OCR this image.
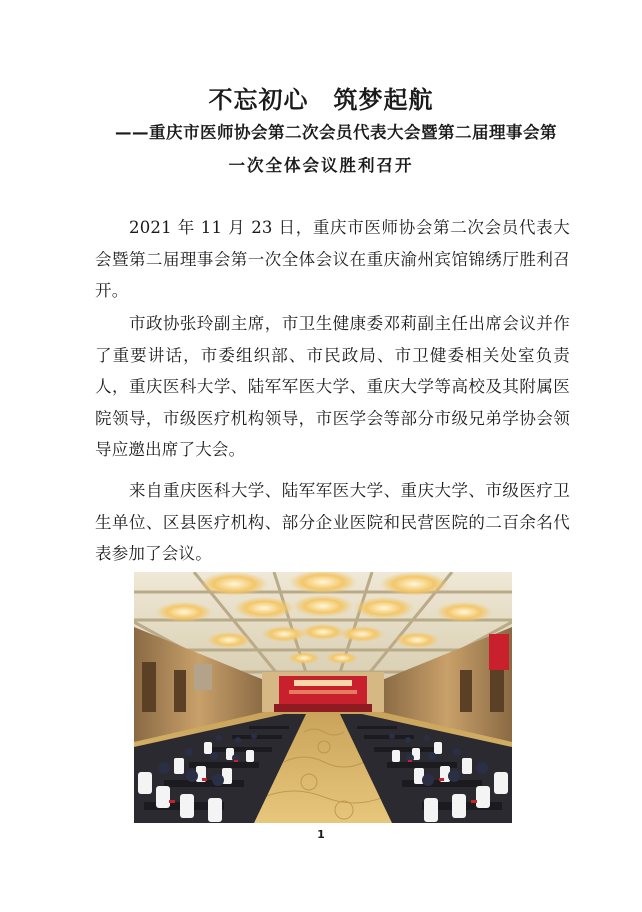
不忘初心　筑梦起航
——重庆市医师协会第二次会员代表大会暨第二届理事会第
一次全体会议胜利召开

2021 年 11 月 23 日，重庆市医师协会第二次会员代表大会暨第二届理事会第一次全体会议在重庆渝州宾馆锦绣厅胜利召开。

市政协张玲副主席，市卫生健康委邓莉副主任出席会议并作了重要讲话，市委组织部、市民政局、市卫健委相关处室负责人，重庆医科大学、陆军军医大学、重庆大学等高校及其附属医院领导，市级医疗机构领导，市医学会等部分市级兄弟学协会领导应邀出席了大会。

来自重庆医科大学、陆军军医大学、重庆大学、市级医疗卫生单位、区县医疗机构、部分企业医院和民营医院的二百余名代表参加了会议。

1
